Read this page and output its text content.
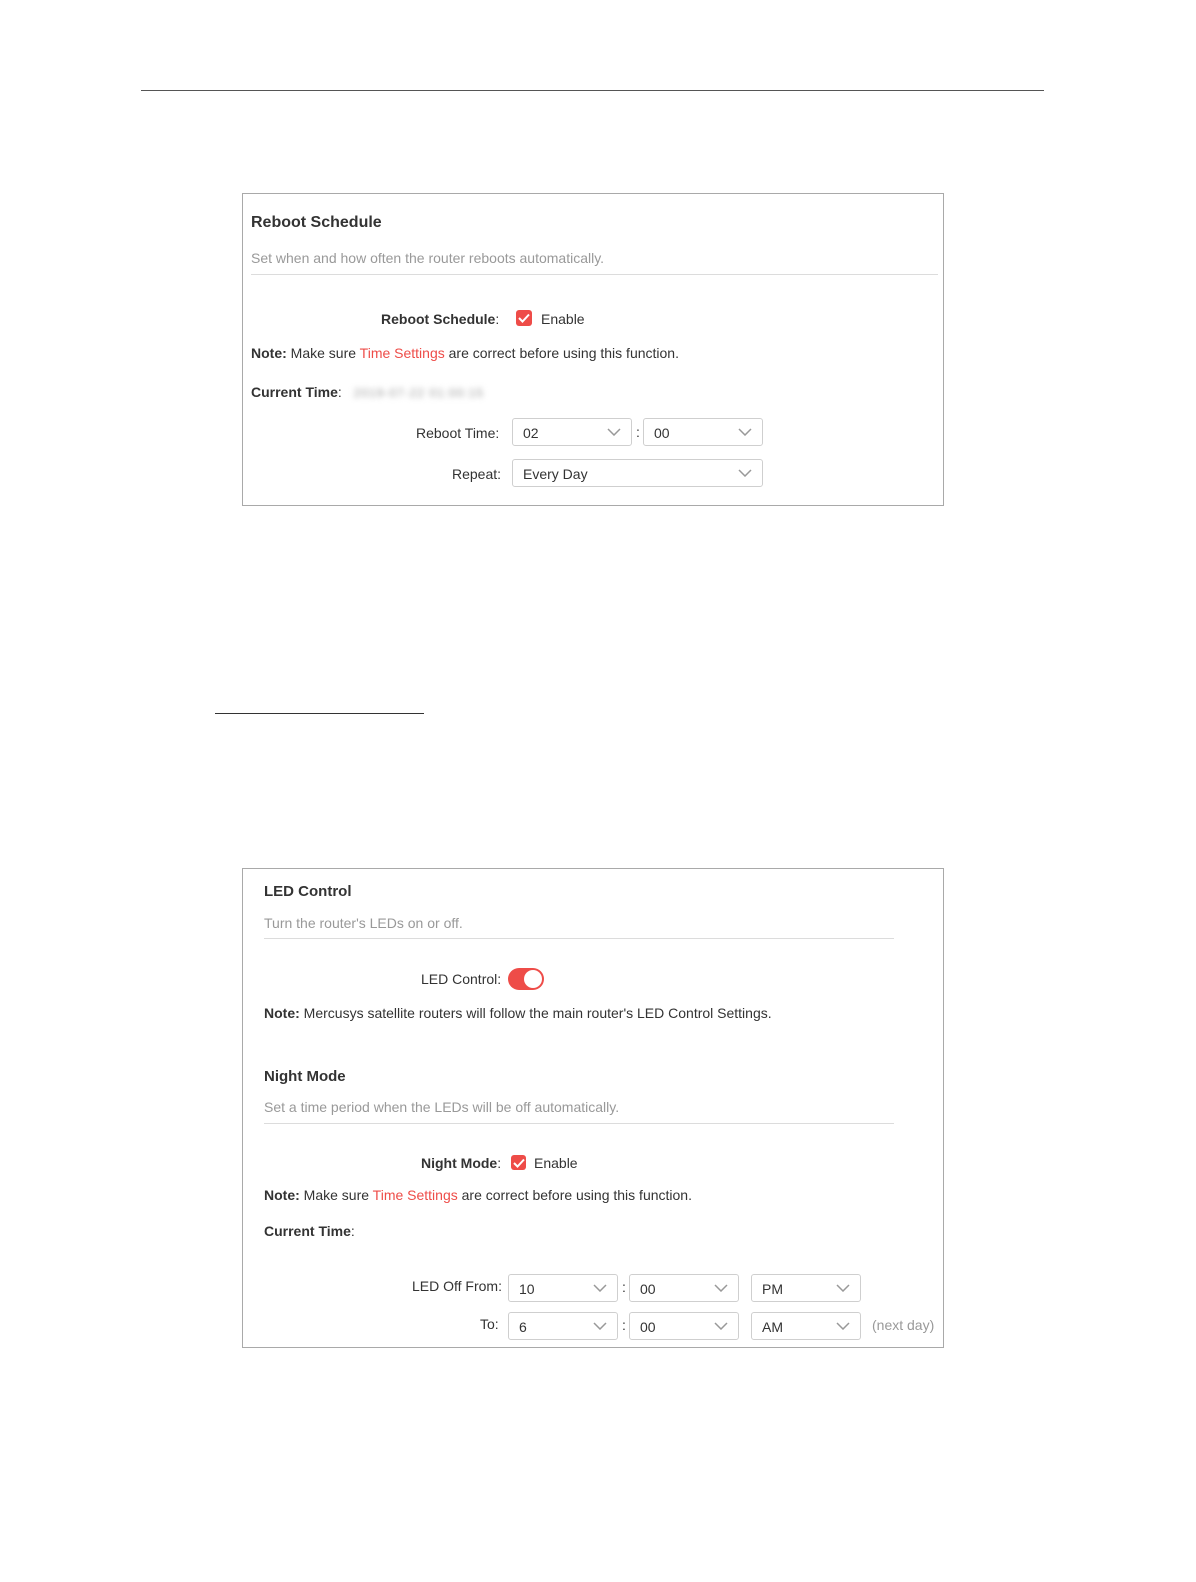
Reboot Schedule
Set when and how often the router reboots automatically.
Reboot Schedule:	Enable
Note: Make sure Time Settings are correct before using this function.
Current Time: 2019-07-22 01:00:15
Reboot Time: 02	: 00
Repeat: Every Day
LED Control
Turn the router's LEDs on or off.
LED Control:
Note: Mercusys satellite routers will follow the main router's LED Control Settings.
Night Mode
Set a time period when the LEDs will be off automatically.
Night Mode: Enable
Note: Make sure Time Settings are correct before using this function.
Current Time:
LED Off From: 10	: 00	PM
To: 6	: 00	AM	(next day)
